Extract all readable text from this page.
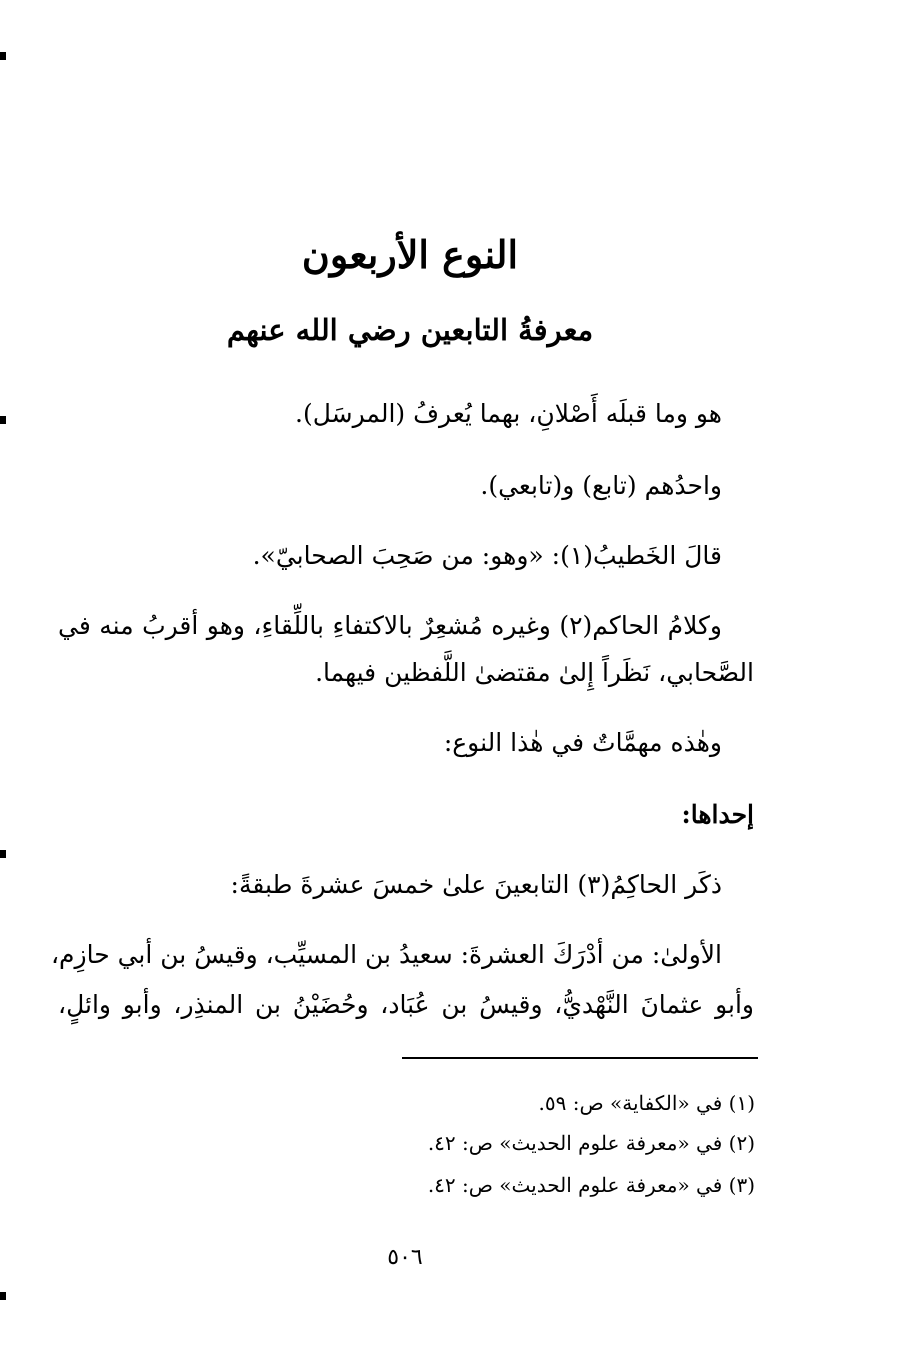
النوع الأربعون
معرفةُ التابعين رضي الله عنهم
هو وما قبلَه أَصْلانِ، بهما يُعرفُ (المرسَل).
واحدُهم (تابع) و(تابعي).
قالَ الخَطيبُ(١): «وهو: من صَحِبَ الصحابيّ».
وكلامُ الحاكم(٢) وغيره مُشعِرٌ بالاكتفاءِ باللِّقاءِ، وهو أقربُ منه في
الصَّحابي، نَظَراً إِلىٰ مقتضىٰ اللَّفظين فيهما.
وهٰذه مهمَّاتٌ في هٰذا النوع:
إحداها:
ذكَر الحاكِمُ(٣) التابعينَ علىٰ خمسَ عشرةَ طبقةً:
الأولىٰ: من أدْرَكَ العشرةَ: سعيدُ بن المسيِّب، وقيسُ بن أبي حازِم،
وأبو عثمانَ النَّهْديُّ، وقيسُ بن عُبَاد، وحُضَيْنُ بن المنذِر، وأبو وائلٍ،
(١) في «الكفاية» ص: ٥٩.
(٢) في «معرفة علوم الحديث» ص: ٤٢.
(٣) في «معرفة علوم الحديث» ص: ٤٢.
٥٠٦
